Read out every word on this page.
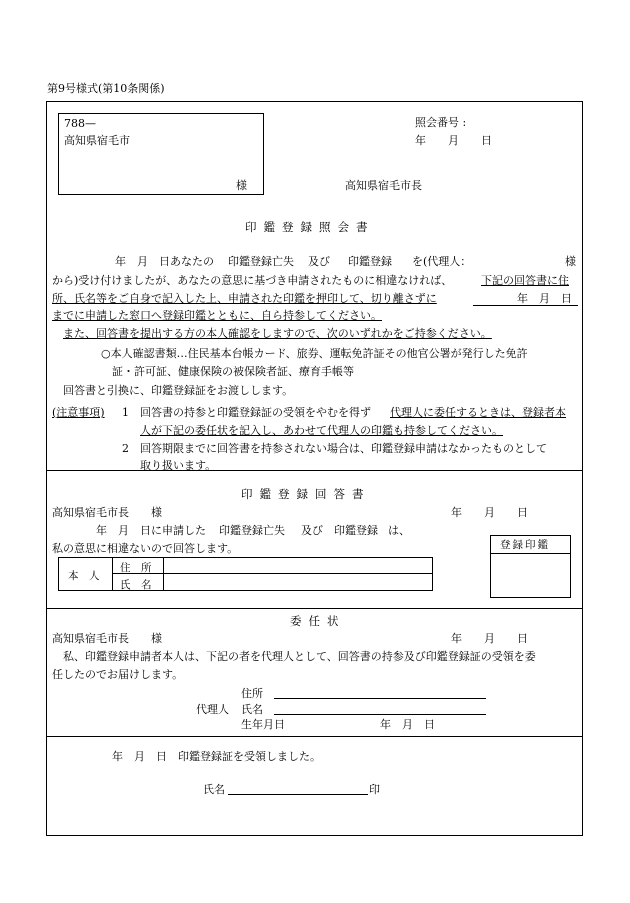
第9号様式(第10条関係)
788—
高知県宿毛市
様
照会番号 :
年　　月　　日
高知県宿毛市長
印鑑登録照会書
年　月　日あなたの 印鑑登録亡失 及び 印鑑登録 を(代理人：	様
から)受け付けましたが、あなたの意思に基づき申請されたものに相違なければ、	下記の回答書に住
所、氏名等をご自身で記入した上、申請された印鑑を押印して、切り離さずに	年　月　日
までに申請した窓口へ登録印鑑とともに、自ら持参してください。
また、回答書を提出する方の本人確認をしますので、次のいずれかをご持参ください。
○本人確認書類…住民基本台帳カード、旅券、運転免許証その他官公署が発行した免許
証・許可証、健康保険の被保険者証、療育手帳等
回答書と引換に、印鑑登録証をお渡しします。
(注意事項) 1 回答書の持参と印鑑登録証の受領をやむを得ず 代理人に委任するときは、登録者本
人が下記の委任状を記入し、あわせて代理人の印鑑も持参してください。
2 回答期限までに回答書を持参されない場合は、印鑑登録申請はなかったものとして
取り扱います。
印鑑登録回答書
高知県宿毛市長　　様	年　　月　　日
年　月　日に申請した 印鑑登録亡失 及び 印鑑登録 は、
私の意思に相違ないので回答します。
本　人
住　所
氏　名
登録印鑑
委任状
高知県宿毛市長　　様	年　　月　　日
私、印鑑登録申請者本人は、下記の者を代理人として、回答書の持参及び印鑑登録証の受領を委
任したのでお届けします。
住所
代理人 氏名
生年月日	年　月　日
年　月　日　印鑑登録証を受領しました。
氏名	印
